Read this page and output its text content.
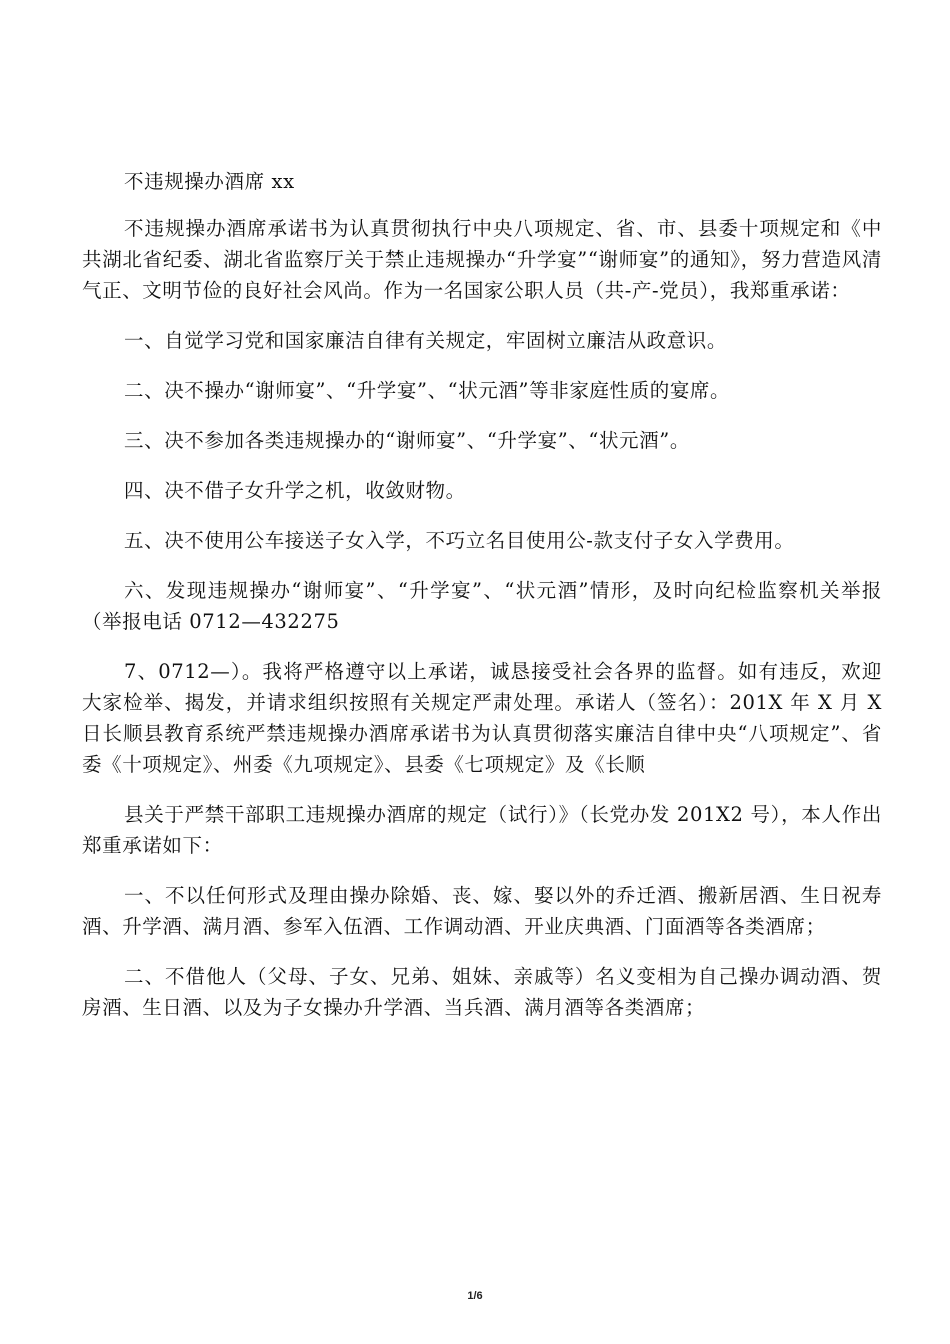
不违规操办酒席 xx

不违规操办酒席承诺书为认真贯彻执行中央八项规定、省、市、县委十项规定和《中共湖北省纪委、湖北省监察厅关于禁止违规操办“升学宴”“谢师宴”的通知》，努力营造风清气正、文明节俭的良好社会风尚。作为一名国家公职人员（共-产-党员），我郑重承诺：

一、自觉学习党和国家廉洁自律有关规定，牢固树立廉洁从政意识。

二、决不操办“谢师宴”、“升学宴”、“状元酒”等非家庭性质的宴席。

三、决不参加各类违规操办的“谢师宴”、“升学宴”、“状元酒”。

四、决不借子女升学之机，收敛财物。

五、决不使用公车接送子女入学，不巧立名目使用公-款支付子女入学费用。

六、发现违规操办“谢师宴”、“升学宴”、“状元酒”情形，及时向纪检监察机关举报（举报电话 0712—432275

7、0712—）。我将严格遵守以上承诺，诚恳接受社会各界的监督。如有违反，欢迎大家检举、揭发，并请求组织按照有关规定严肃处理。承诺人（签名）：201X 年 X 月 X 日长顺县教育系统严禁违规操办酒席承诺书为认真贯彻落实廉洁自律中央“八项规定”、省委《十项规定》、州委《九项规定》、县委《七项规定》及《长顺

县关于严禁干部职工违规操办酒席的规定（试行）》（长党办发 201X2 号），本人作出郑重承诺如下：

一、不以任何形式及理由操办除婚、丧、嫁、娶以外的乔迁酒、搬新居酒、生日祝寿酒、升学酒、满月酒、参军入伍酒、工作调动酒、开业庆典酒、门面酒等各类酒席；

二、不借他人（父母、子女、兄弟、姐妹、亲戚等）名义变相为自己操办调动酒、贺房酒、生日酒、以及为子女操办升学酒、当兵酒、满月酒等各类酒席；

1/6
